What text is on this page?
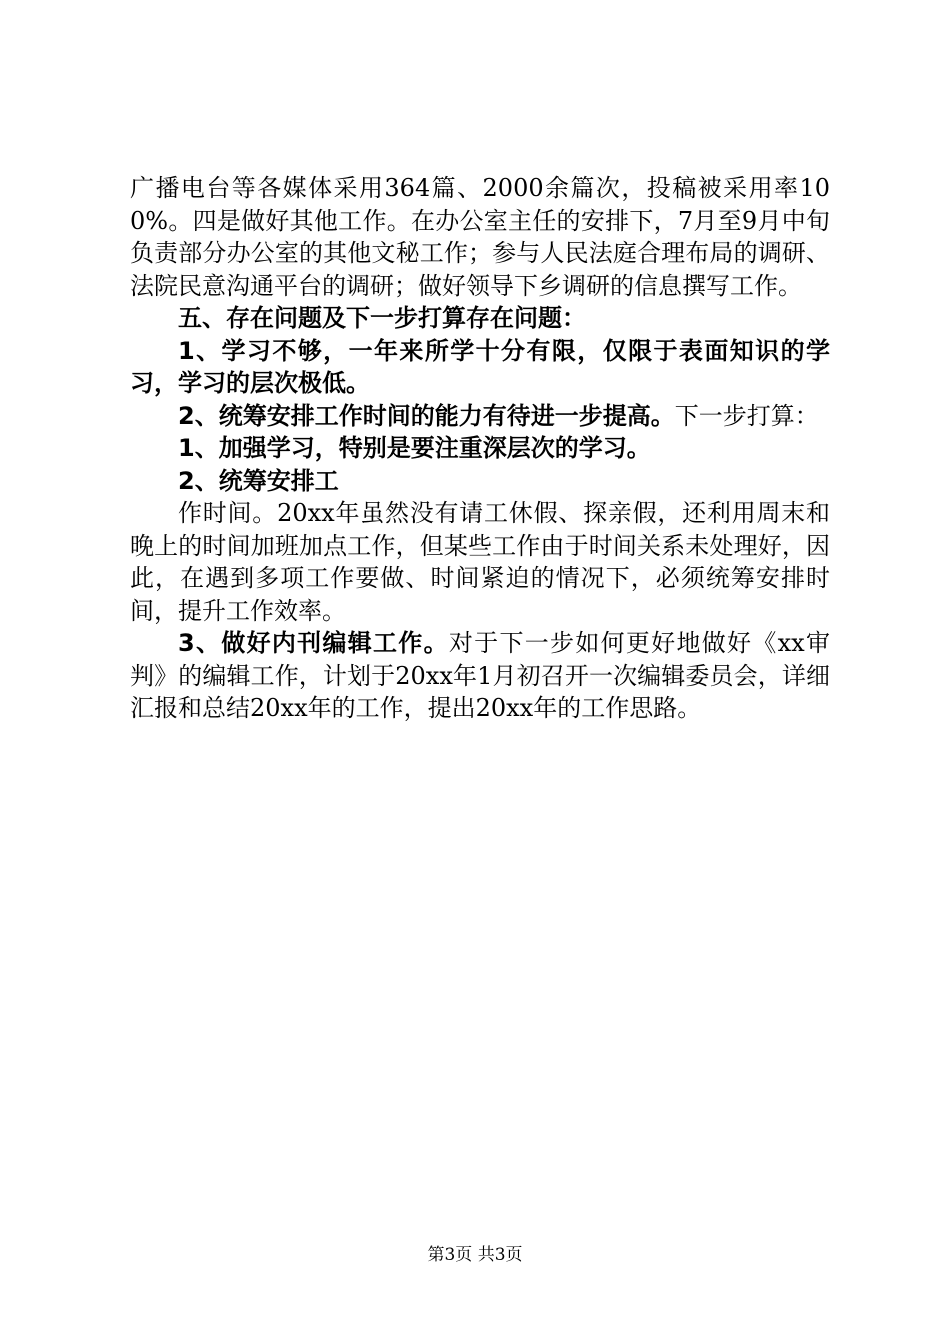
广播电台等各媒体采用364篇、2000余篇次，投稿被采用率100%。四是做好其他工作。在办公室主任的安排下，7月至9月中旬负责部分办公室的其他文秘工作；参与人民法庭合理布局的调研、法院民意沟通平台的调研；做好领导下乡调研的信息撰写工作。

五、存在问题及下一步打算存在问题：

1、学习不够，一年来所学十分有限，仅限于表面知识的学习，学习的层次极低。

2、统筹安排工作时间的能力有待进一步提高。下一步打算：

1、加强学习，特别是要注重深层次的学习。

2、统筹安排工

作时间。20xx年虽然没有请工休假、探亲假，还利用周末和晚上的时间加班加点工作，但某些工作由于时间关系未处理好，因此，在遇到多项工作要做、时间紧迫的情况下，必须统筹安排时间，提升工作效率。

3、做好内刊编辑工作。对于下一步如何更好地做好《xx审判》的编辑工作，计划于20xx年1月初召开一次编辑委员会，详细汇报和总结20xx年的工作，提出20xx年的工作思路。

第3页 共3页
